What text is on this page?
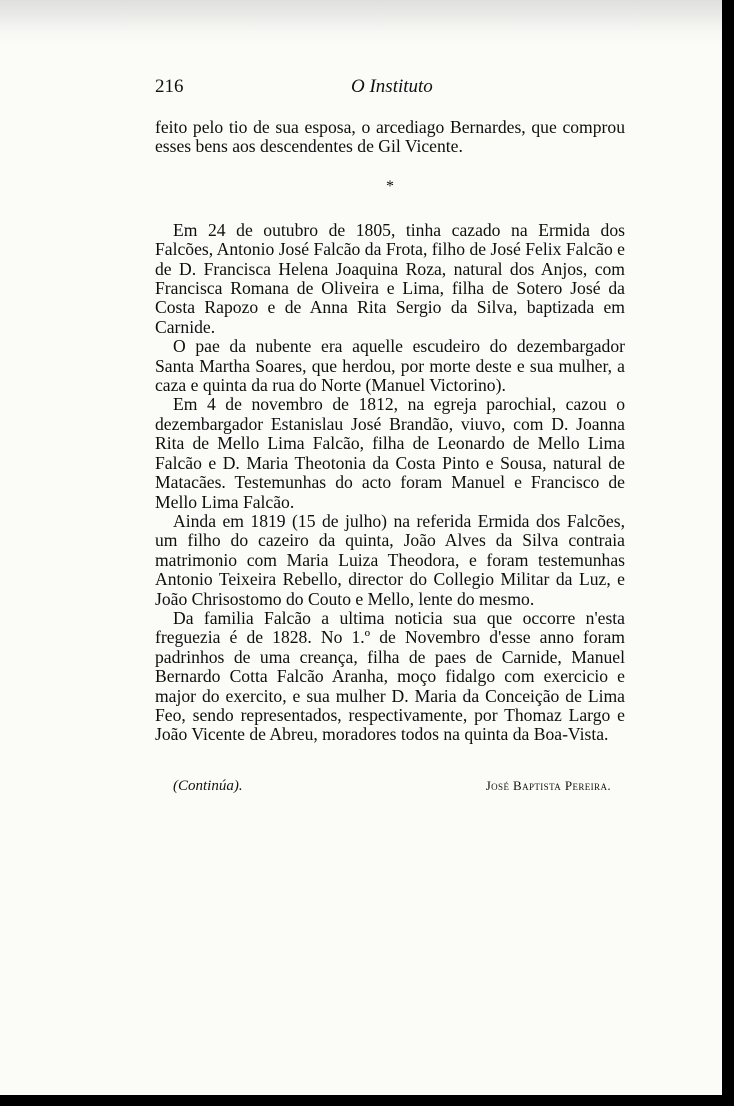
216	O Instituto

feito pelo tio de sua esposa, o arcediago Bernardes, que comprou esses bens aos descendentes de Gil Vicente.

*

Em 24 de outubro de 1805, tinha cazado na Ermida dos Falcões, Antonio José Falcão da Frota, filho de José Felix Falcão e de D. Francisca Helena Joaquina Roza, natural dos Anjos, com Francisca Romana de Oliveira e Lima, filha de Sotero José da Costa Rapozo e de Anna Rita Sergio da Silva, baptizada em Carnide.

O pae da nubente era aquelle escudeiro do dezembargador Santa Martha Soares, que herdou, por morte deste e sua mulher, a caza e quinta da rua do Norte (Manuel Victorino).

Em 4 de novembro de 1812, na egreja parochial, cazou o dezembargador Estanislau José Brandão, viuvo, com D. Joanna Rita de Mello Lima Falcão, filha de Leonardo de Mello Lima Falcão e D. Maria Theotonia da Costa Pinto e Sousa, natural de Matacães. Testemunhas do acto foram Manuel e Francisco de Mello Lima Falcão.

Ainda em 1819 (15 de julho) na referida Ermida dos Falcões, um filho do cazeiro da quinta, João Alves da Silva contraia matrimonio com Maria Luiza Theodora, e foram testemunhas Antonio Teixeira Rebello, director do Collegio Militar da Luz, e João Chrisostomo do Couto e Mello, lente do mesmo.

Da familia Falcão a ultima noticia sua que occorre n'esta freguezia é de 1828. No 1.º de Novembro d'esse anno foram padrinhos de uma creança, filha de paes de Carnide, Manuel Bernardo Cotta Falcão Aranha, moço fidalgo com exercicio e major do exercito, e sua mulher D. Maria da Conceição de Lima Feo, sendo representados, respectivamente, por Thomaz Largo e João Vicente de Abreu, moradores todos na quinta da Boa-Vista.

(Continúa).	José Baptista Pereira.
